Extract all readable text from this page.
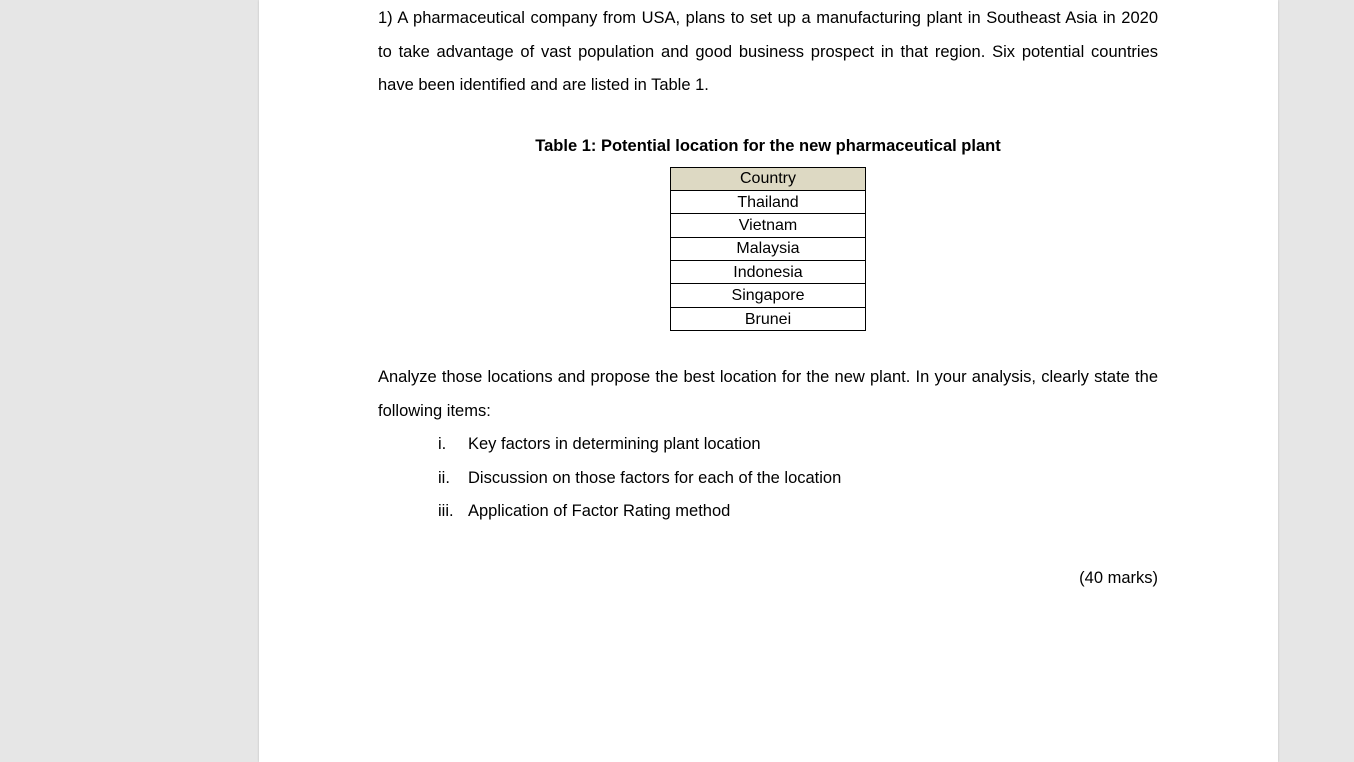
1) A pharmaceutical company from USA, plans to set up a manufacturing plant in Southeast Asia in 2020 to take advantage of vast population and good business prospect in that region. Six potential countries have been identified and are listed in Table 1.

Table 1: Potential location for the new pharmaceutical plant
Country
Thailand
Vietnam
Malaysia
Indonesia
Singapore
Brunei

Analyze those locations and propose the best location for the new plant. In your analysis, clearly state the following items:

i. Key factors in determining plant location
ii. Discussion on those factors for each of the location
iii. Application of Factor Rating method
(40 marks)
